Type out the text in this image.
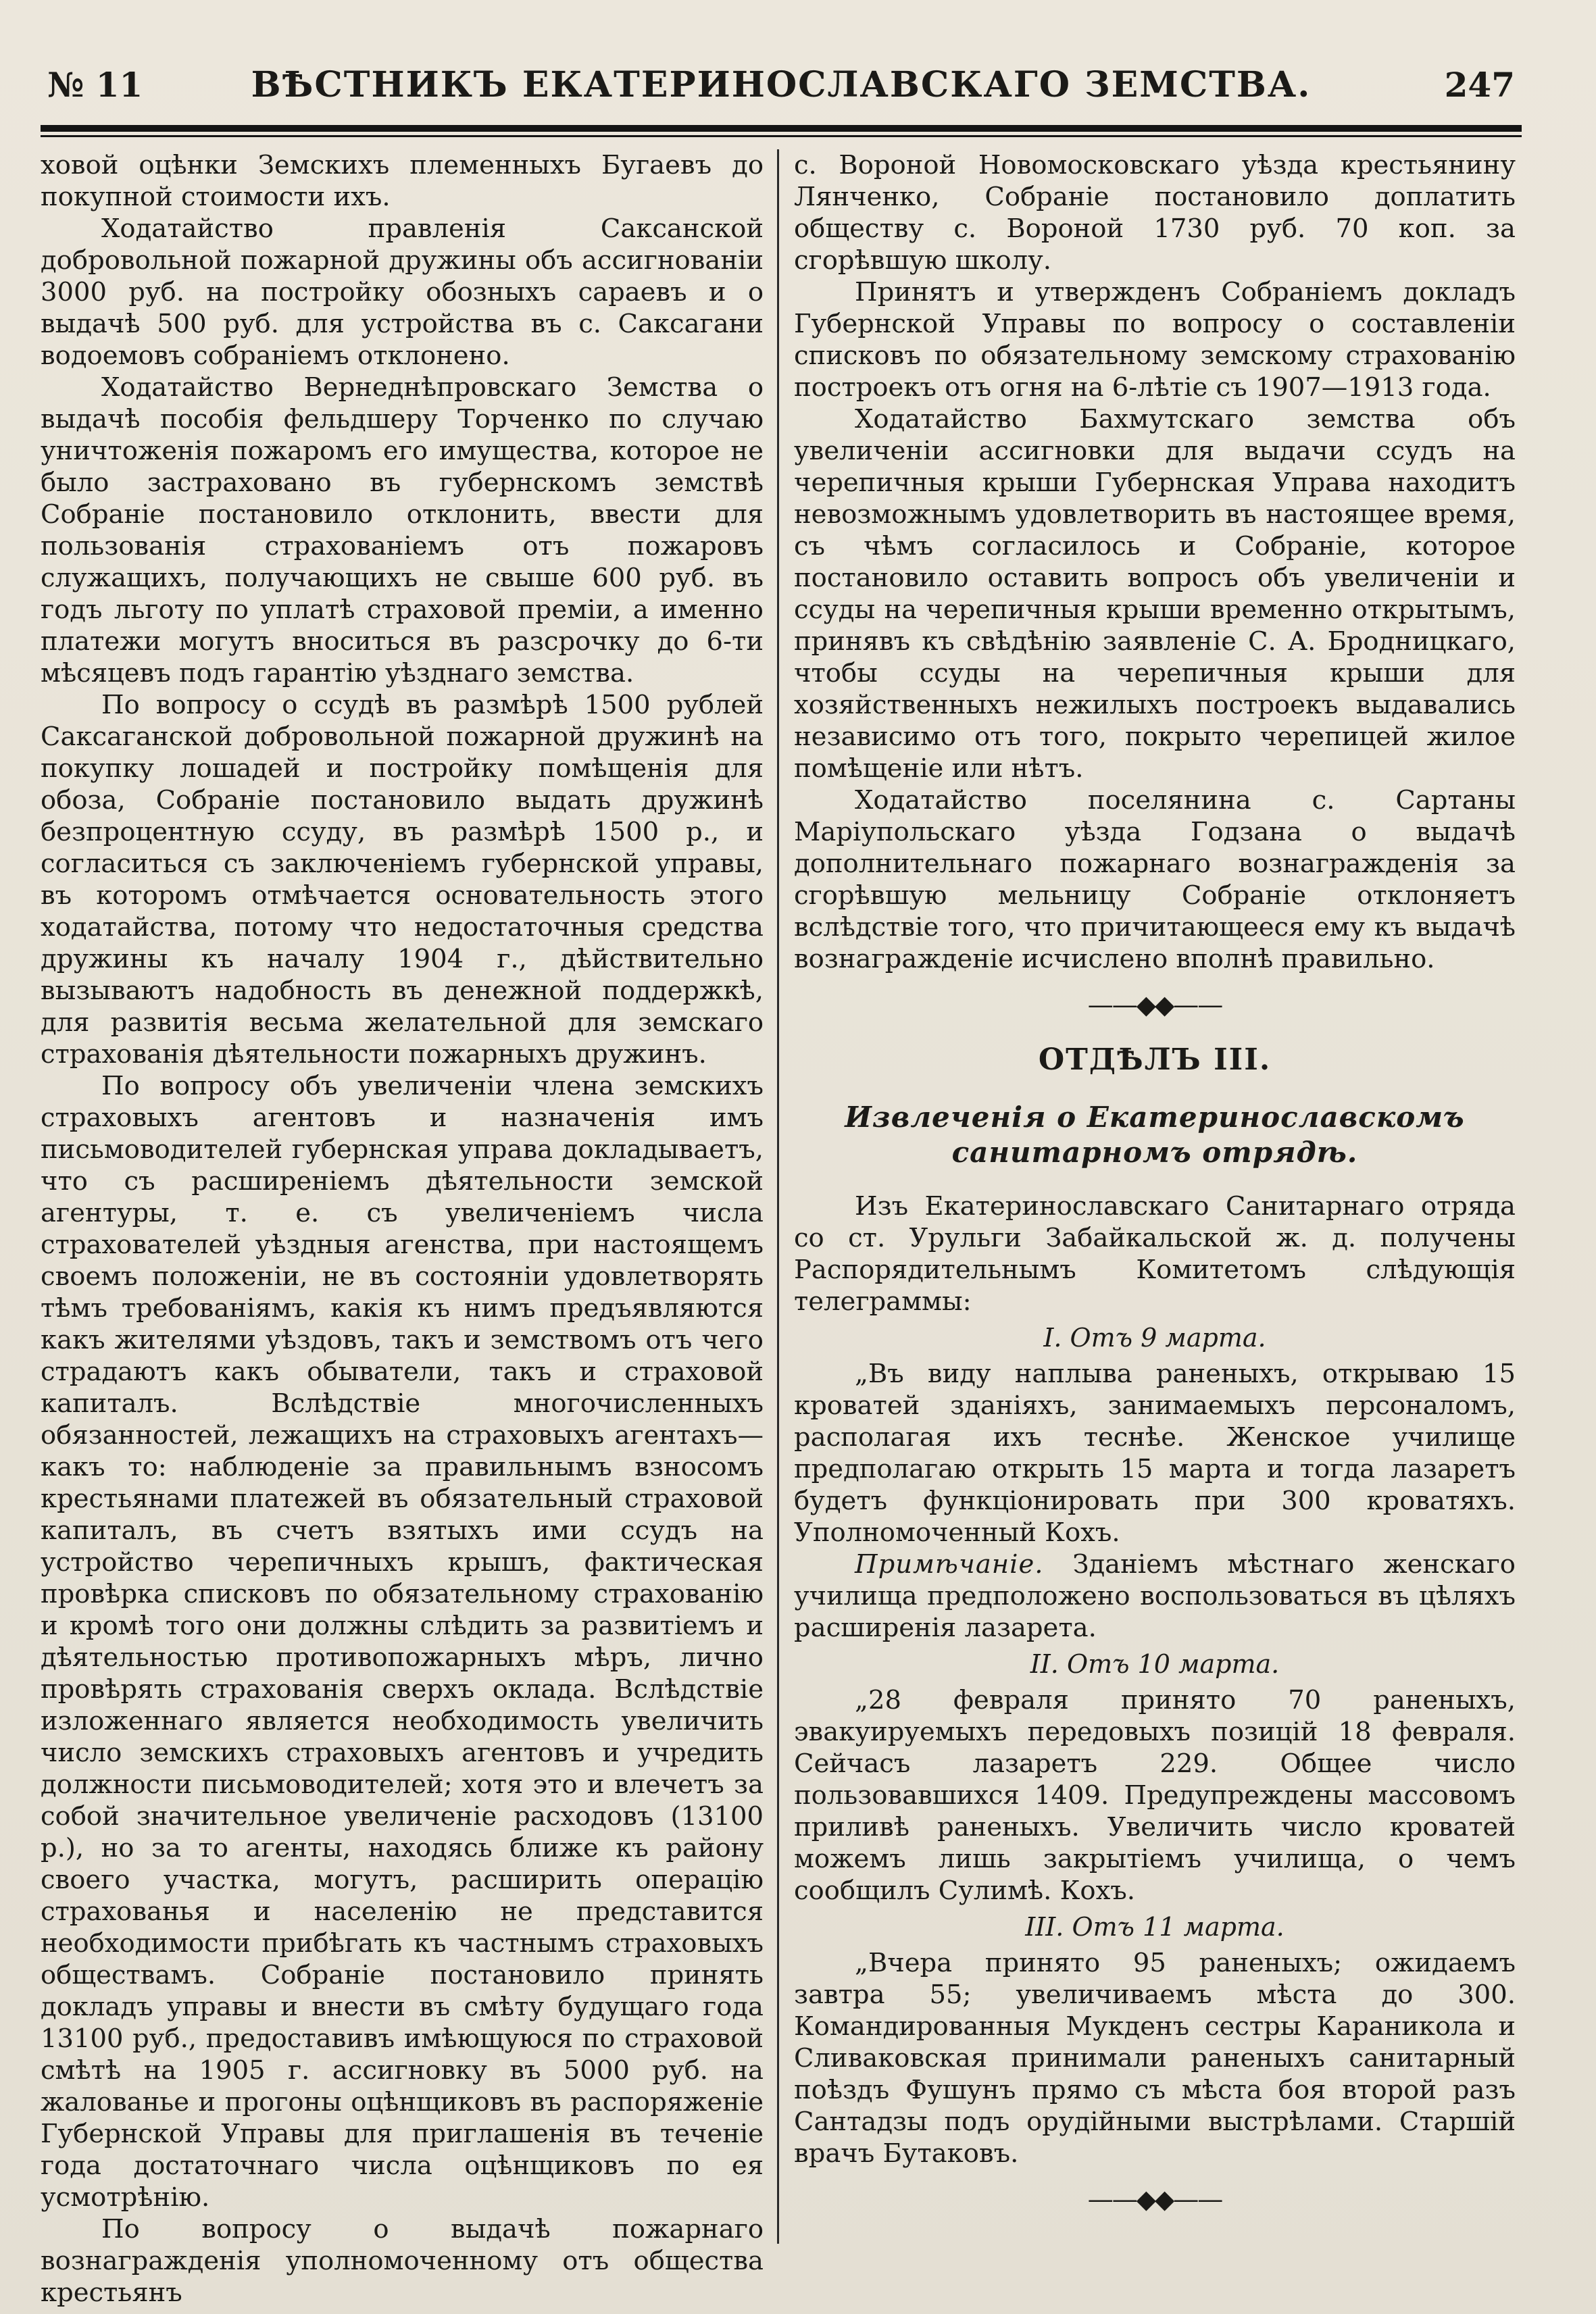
№ 11	ВѢСТНИКЪ ЕКАТЕРИНОСЛАВСКАГО ЗЕМСТВА.	247

ховой оцѣнки Земскихъ племенныхъ Бугаевъ до покупной стоимости ихъ.

Ходатайство правленія Саксанской добровольной пожарной дружины объ ассигнованіи 3000 руб. на постройку обозныхъ сараевъ и о выдачѣ 500 руб. для устройства въ с. Саксагани водоемовъ собраніемъ отклонено.

Ходатайство Вернеднѣпровскаго Земства о выдачѣ пособія фельдшеру Торченко по случаю уничтоженія пожаромъ его имущества, которое не было застраховано въ губернскомъ земствѣ Собраніе постановило отклонить, ввести для пользованія страхованіемъ отъ пожаровъ служащихъ, получающихъ не свыше 600 руб. въ годъ льготу по уплатѣ страховой преміи, а именно платежи могутъ вноситься въ разсрочку до 6-ти мѣсяцевъ подъ гарантію уѣзднаго земства.

По вопросу о ссудѣ въ размѣрѣ 1500 рублей Саксаганской добровольной пожарной дружинѣ на покупку лошадей и постройку помѣщенія для обоза, Собраніе постановило выдать дружинѣ безпроцентную ссуду, въ размѣрѣ 1500 р., и согласиться съ заключеніемъ губернской управы, въ которомъ отмѣчается основательность этого ходатайства, потому что недостаточныя средства дружины къ началу 1904 г., дѣйствительно вызываютъ надобность въ денежной поддержкѣ, для развитія весьма желательной для земскаго страхованія дѣятельности пожарныхъ дружинъ.

По вопросу объ увеличеніи члена земскихъ страховыхъ агентовъ и назначенія имъ письмоводителей губернская управа докладываетъ, что съ расширеніемъ дѣятельности земской агентуры, т. е. съ увеличеніемъ числа страхователей уѣздныя агенства, при настоящемъ своемъ положеніи, не въ состояніи удовлетворять тѣмъ требованіямъ, какія къ нимъ предъявляются какъ жителями уѣздовъ, такъ и земствомъ отъ чего страдаютъ какъ обыватели, такъ и страховой капиталъ. Вслѣдствіе многочисленныхъ обязанностей, лежащихъ на страховыхъ агентахъ—какъ то: наблюденіе за правильнымъ взносомъ крестьянами платежей въ обязательный страховой капиталъ, въ счетъ взятыхъ ими ссудъ на устройство черепичныхъ крышъ, фактическая провѣрка списковъ по обязательному страхованію и кромѣ того они должны слѣдить за развитіемъ и дѣятельностью противопожарныхъ мѣръ, лично провѣрять страхованія сверхъ оклада. Вслѣдствіе изложеннаго является необходимость увеличить число земскихъ страховыхъ агентовъ и учредить должности письмоводителей; хотя это и влечетъ за собой значительное увеличеніе расходовъ (13100 р.), но за то агенты, находясь ближе къ району своего участка, могутъ, расширить операцію страхованья и населенію не представится необходимости прибѣгать къ частнымъ страховыхъ обществамъ. Собраніе постановило принять докладъ управы и внести въ смѣту будущаго года 13100 руб., предоставивъ имѣющуюся по страховой смѣтѣ на 1905 г. ассигновку въ 5000 руб. на жалованье и прогоны оцѣнщиковъ въ распоряженіе Губернской Управы для приглашенія въ теченіе года достаточнаго числа оцѣнщиковъ по ея усмотрѣнію.

По вопросу о выдачѣ пожарнаго вознагражденія уполномоченному отъ общества крестьянъ

с. Вороной Новомосковскаго уѣзда крестьянину Лянченко, Собраніе постановило доплатить обществу с. Вороной 1730 руб. 70 коп. за сгорѣвшую школу.

Принятъ и утвержденъ Собраніемъ докладъ Губернской Управы по вопросу о составленіи списковъ по обязательному земскому страхованію построекъ отъ огня на 6-лѣтіе съ 1907—1913 года.

Ходатайство Бахмутскаго земства объ увеличеніи ассигновки для выдачи ссудъ на черепичныя крыши Губернская Управа находитъ невозможнымъ удовлетворить въ настоящее время, съ чѣмъ согласилось и Собраніе, которое постановило оставить вопросъ объ увеличеніи и ссуды на черепичныя крыши временно открытымъ, принявъ къ свѣдѣнію заявленіе С. А. Бродницкаго, чтобы ссуды на черепичныя крыши для хозяйственныхъ нежилыхъ построекъ выдавались независимо отъ того, покрыто черепицей жилое помѣщеніе или нѣтъ.

Ходатайство поселянина с. Сартаны Маріупольскаго уѣзда Годзана о выдачѣ дополнительнаго пожарнаго вознагражденія за сгорѣвшую мельницу Собраніе отклоняетъ вслѣдствіе того, что причитающееся ему къ выдачѣ вознагражденіе исчислено вполнѣ правильно.

——◆◆——
ОТДѢЛЪ III.
Извлеченія о Екатеринославскомъ санитарномъ отрядѣ.

Изъ Екатеринославскаго Санитарнаго отряда со ст. Урульги Забайкальской ж. д. получены Распорядительнымъ Комитетомъ слѣдующія телеграммы:

I. Отъ 9 марта.

„Въ виду наплыва раненыхъ, открываю 15 кроватей зданіяхъ, занимаемыхъ персоналомъ, располагая ихъ теснѣе. Женское училище предполагаю открыть 15 марта и тогда лазаретъ будетъ функціонировать при 300 кроватяхъ. Уполномоченный Кохъ.

Примѣчаніе. Зданіемъ мѣстнаго женскаго училища предположено воспользоваться въ цѣляхъ расширенія лазарета.

II. Отъ 10 марта.

„28 февраля принято 70 раненыхъ, эвакуируемыхъ передовыхъ позицій 18 февраля. Сейчасъ лазаретъ 229. Общее число пользовавшихся 1409. Предупреждены массовомъ приливѣ раненыхъ. Увеличить число кроватей можемъ лишь закрытіемъ училища, о чемъ сообщилъ Сулимѣ. Кохъ.

III. Отъ 11 марта.

„Вчера принято 95 раненыхъ; ожидаемъ завтра 55; увеличиваемъ мѣста до 300. Командированныя Мукденъ сестры Караникола и Сливаковская принимали раненыхъ санитарный поѣздъ Фушунъ прямо съ мѣста боя второй разъ Сантадзы подъ орудійными выстрѣлами. Старшій врачъ Бутаковъ.

——◆◆——
